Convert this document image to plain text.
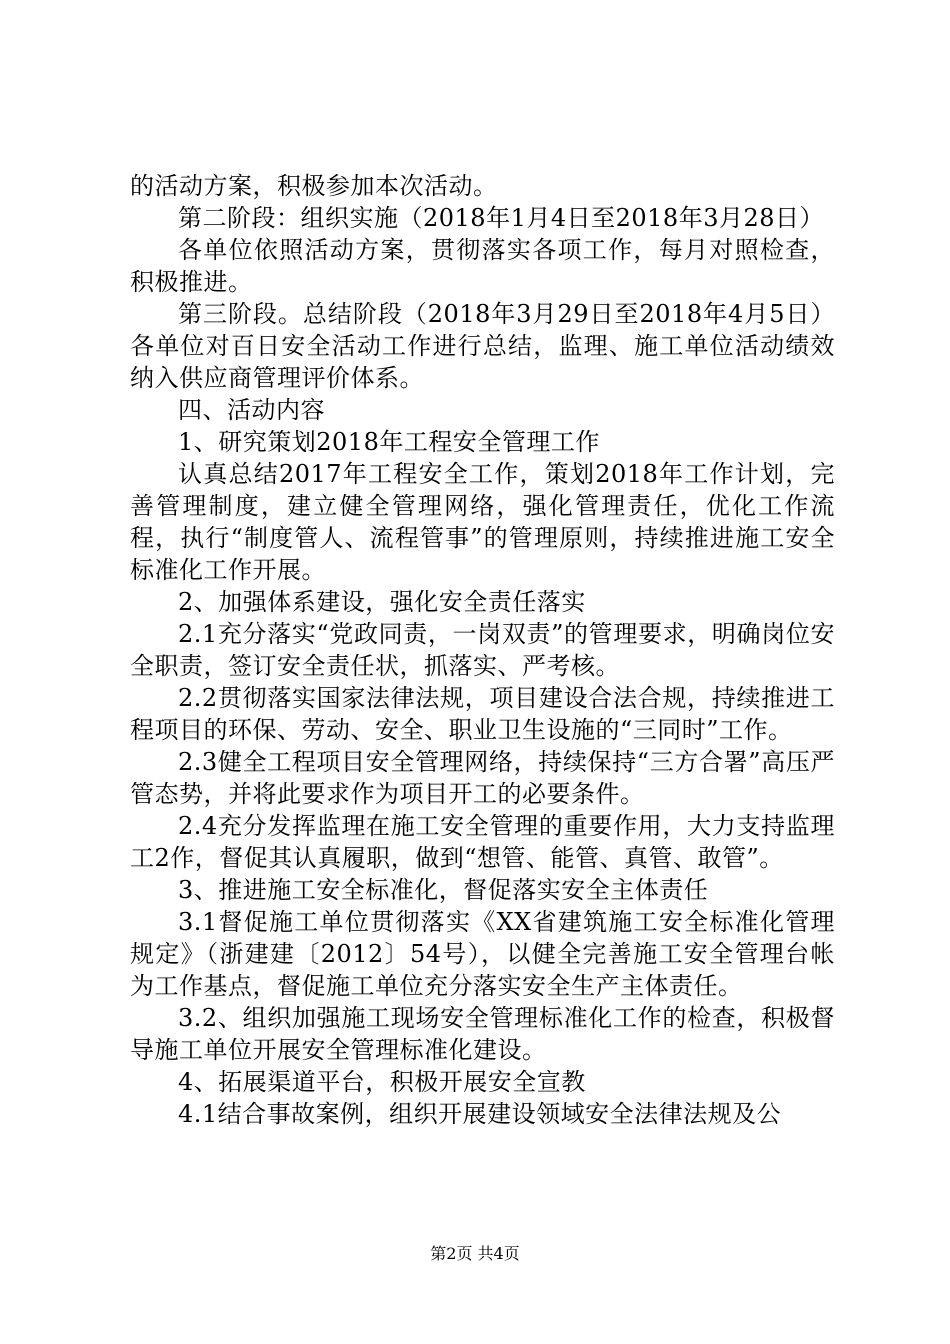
的活动方案，积极参加本次活动。

第二阶段：组织实施（2018年1月4日至2018年3月28日）

各单位依照活动方案，贯彻落实各项工作，每月对照检查，积极推进。

第三阶段。总结阶段（2018年3月29日至2018年4月5日）各单位对百日安全活动工作进行总结，监理、施工单位活动绩效纳入供应商管理评价体系。

四、活动内容

1、研究策划2018年工程安全管理工作

认真总结2017年工程安全工作，策划2018年工作计划，完善管理制度，建立健全管理网络，强化管理责任，优化工作流程，执行“制度管人、流程管事”的管理原则，持续推进施工安全标准化工作开展。

2、加强体系建设，强化安全责任落实

2.1充分落实“党政同责，一岗双责”的管理要求，明确岗位安全职责，签订安全责任状，抓落实、严考核。

2.2贯彻落实国家法律法规，项目建设合法合规，持续推进工程项目的环保、劳动、安全、职业卫生设施的“三同时”工作。

2.3健全工程项目安全管理网络，持续保持“三方合署”高压严管态势，并将此要求作为项目开工的必要条件。

2.4充分发挥监理在施工安全管理的重要作用，大力支持监理工2作，督促其认真履职，做到“想管、能管、真管、敢管”。

3、推进施工安全标准化，督促落实安全主体责任

3.1督促施工单位贯彻落实《XX省建筑施工安全标准化管理规定》（浙建建〔2012〕54号），以健全完善施工安全管理台帐为工作基点，督促施工单位充分落实安全生产主体责任。

3.2、组织加强施工现场安全管理标准化工作的检查，积极督导施工单位开展安全管理标准化建设。

4、拓展渠道平台，积极开展安全宣教

4.1结合事故案例，组织开展建设领域安全法律法规及公

第2页 共4页
